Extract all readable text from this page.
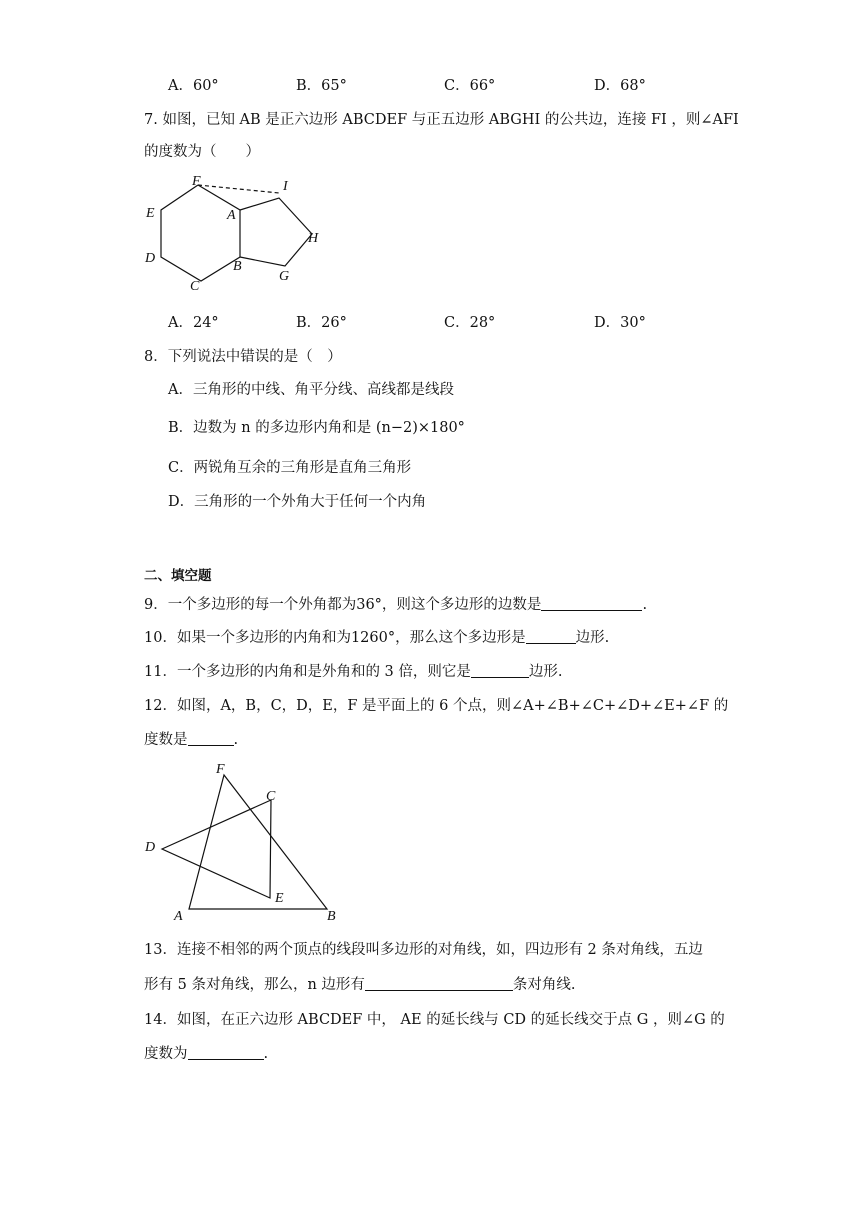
A．60°	B．65°	C．66°	D．68°
7. 如图，已知 AB 是正六边形 ABCDEF 与正五边形 ABGHI 的公共边，连接 FI ，则∠AFI
的度数为（　　）
F	I
E	A
H
D
B
G
C
A．24°	B．26°	C．28°	D．30°
8．下列说法中错误的是（　）
A．三角形的中线、角平分线、高线都是线段
B．边数为 n 的多边形内角和是 (n−2)×180°
C．两锐角互余的三角形是直角三角形
D．三角形的一个外角大于任何一个内角
二、填空题
9．一个多边形的每一个外角都为36°，则这个多边形的边数是	.
10．如果一个多边形的内角和为1260°，那么这个多边形是	边形.
11．一个多边形的内角和是外角和的 3 倍，则它是	边形.
12．如图，A，B，C，D，E，F 是平面上的 6 个点，则∠A+∠B+∠C+∠D+∠E+∠F 的
度数是	.
F
C
D
E
A	B
13．连接不相邻的两个顶点的线段叫多边形的对角线，如，四边形有 2 条对角线，五边
形有 5 条对角线，那么，n 边形有	条对角线.
14．如图，在正六边形 ABCDEF 中， AE 的延长线与 CD 的延长线交于点 G ，则∠G 的
度数为	.
